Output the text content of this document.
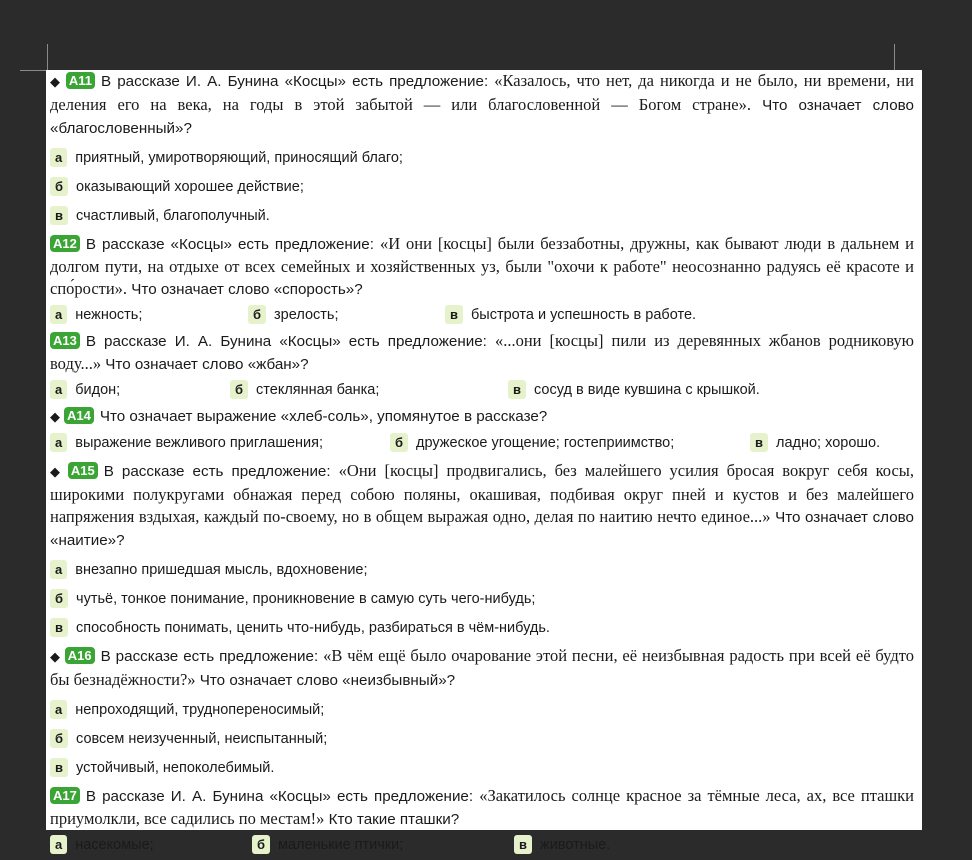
◆ A11 В рассказе И. А. Бунина «Косцы» есть предложение: «Казалось, что нет, да никогда и не было, ни времени, ни деления его на века, на годы в этой забытой — или благословенной — Богом стране». Что означает слово «благословенный»?

а приятный, умиротворяющий, приносящий благо;
б оказывающий хорошее действие;
в счастливый, благополучный.

A12 В рассказе «Косцы» есть предложение: «И они [косцы] были беззаботны, дружны, как бывают люди в дальнем и долгом пути, на отдыхе от всех семейных и хозяйственных уз, были "охочи к работе" неосознанно радуясь её красоте и спо́рости». Что означает слово «спорость»?

а нежность;	б зрелость;	в быстрота и успешность в работе.

A13 В рассказе И. А. Бунина «Косцы» есть предложение: «...они [косцы] пили из деревянных жбанов родниковую воду...» Что означает слово «жбан»?

а бидон;	б стеклянная банка;	в сосуд в виде кувшина с крышкой.

◆ A14 Что означает выражение «хлеб-соль», упомянутое в рассказе?

а выражение вежливого приглашения;	б дружеское угощение; гостеприимство;	в ладно; хорошо.

◆ A15 В рассказе есть предложение: «Они [косцы] продвигались, без малейшего усилия бросая вокруг себя косы, широкими полукругами обнажая перед собою поляны, окашивая, подбивая округ пней и кустов и без малейшего напряжения вздыхая, каждый по-своему, но в общем выражая одно, делая по наитию нечто единое...» Что означает слово «наитие»?

а внезапно пришедшая мысль, вдохновение;
б чутьё, тонкое понимание, проникновение в самую суть чего-нибудь;
в способность понимать, ценить что-нибудь, разбираться в чём-нибудь.

◆ A16 В рассказе есть предложение: «В чём ещё было очарование этой песни, её неизбывная радость при всей её будто бы безнадёжности?» Что означает слово «неизбывный»?

а непроходящий, труднопереносимый;
б совсем неизученный, неиспытанный;
в устойчивый, непоколебимый.

A17 В рассказе И. А. Бунина «Косцы» есть предложение: «Закатилось солнце красное за тёмные леса, ах, все пташки приумолкли, все садились по местам!» Кто такие пташки?

а насекомые;	б маленькие птички;	в животные.
